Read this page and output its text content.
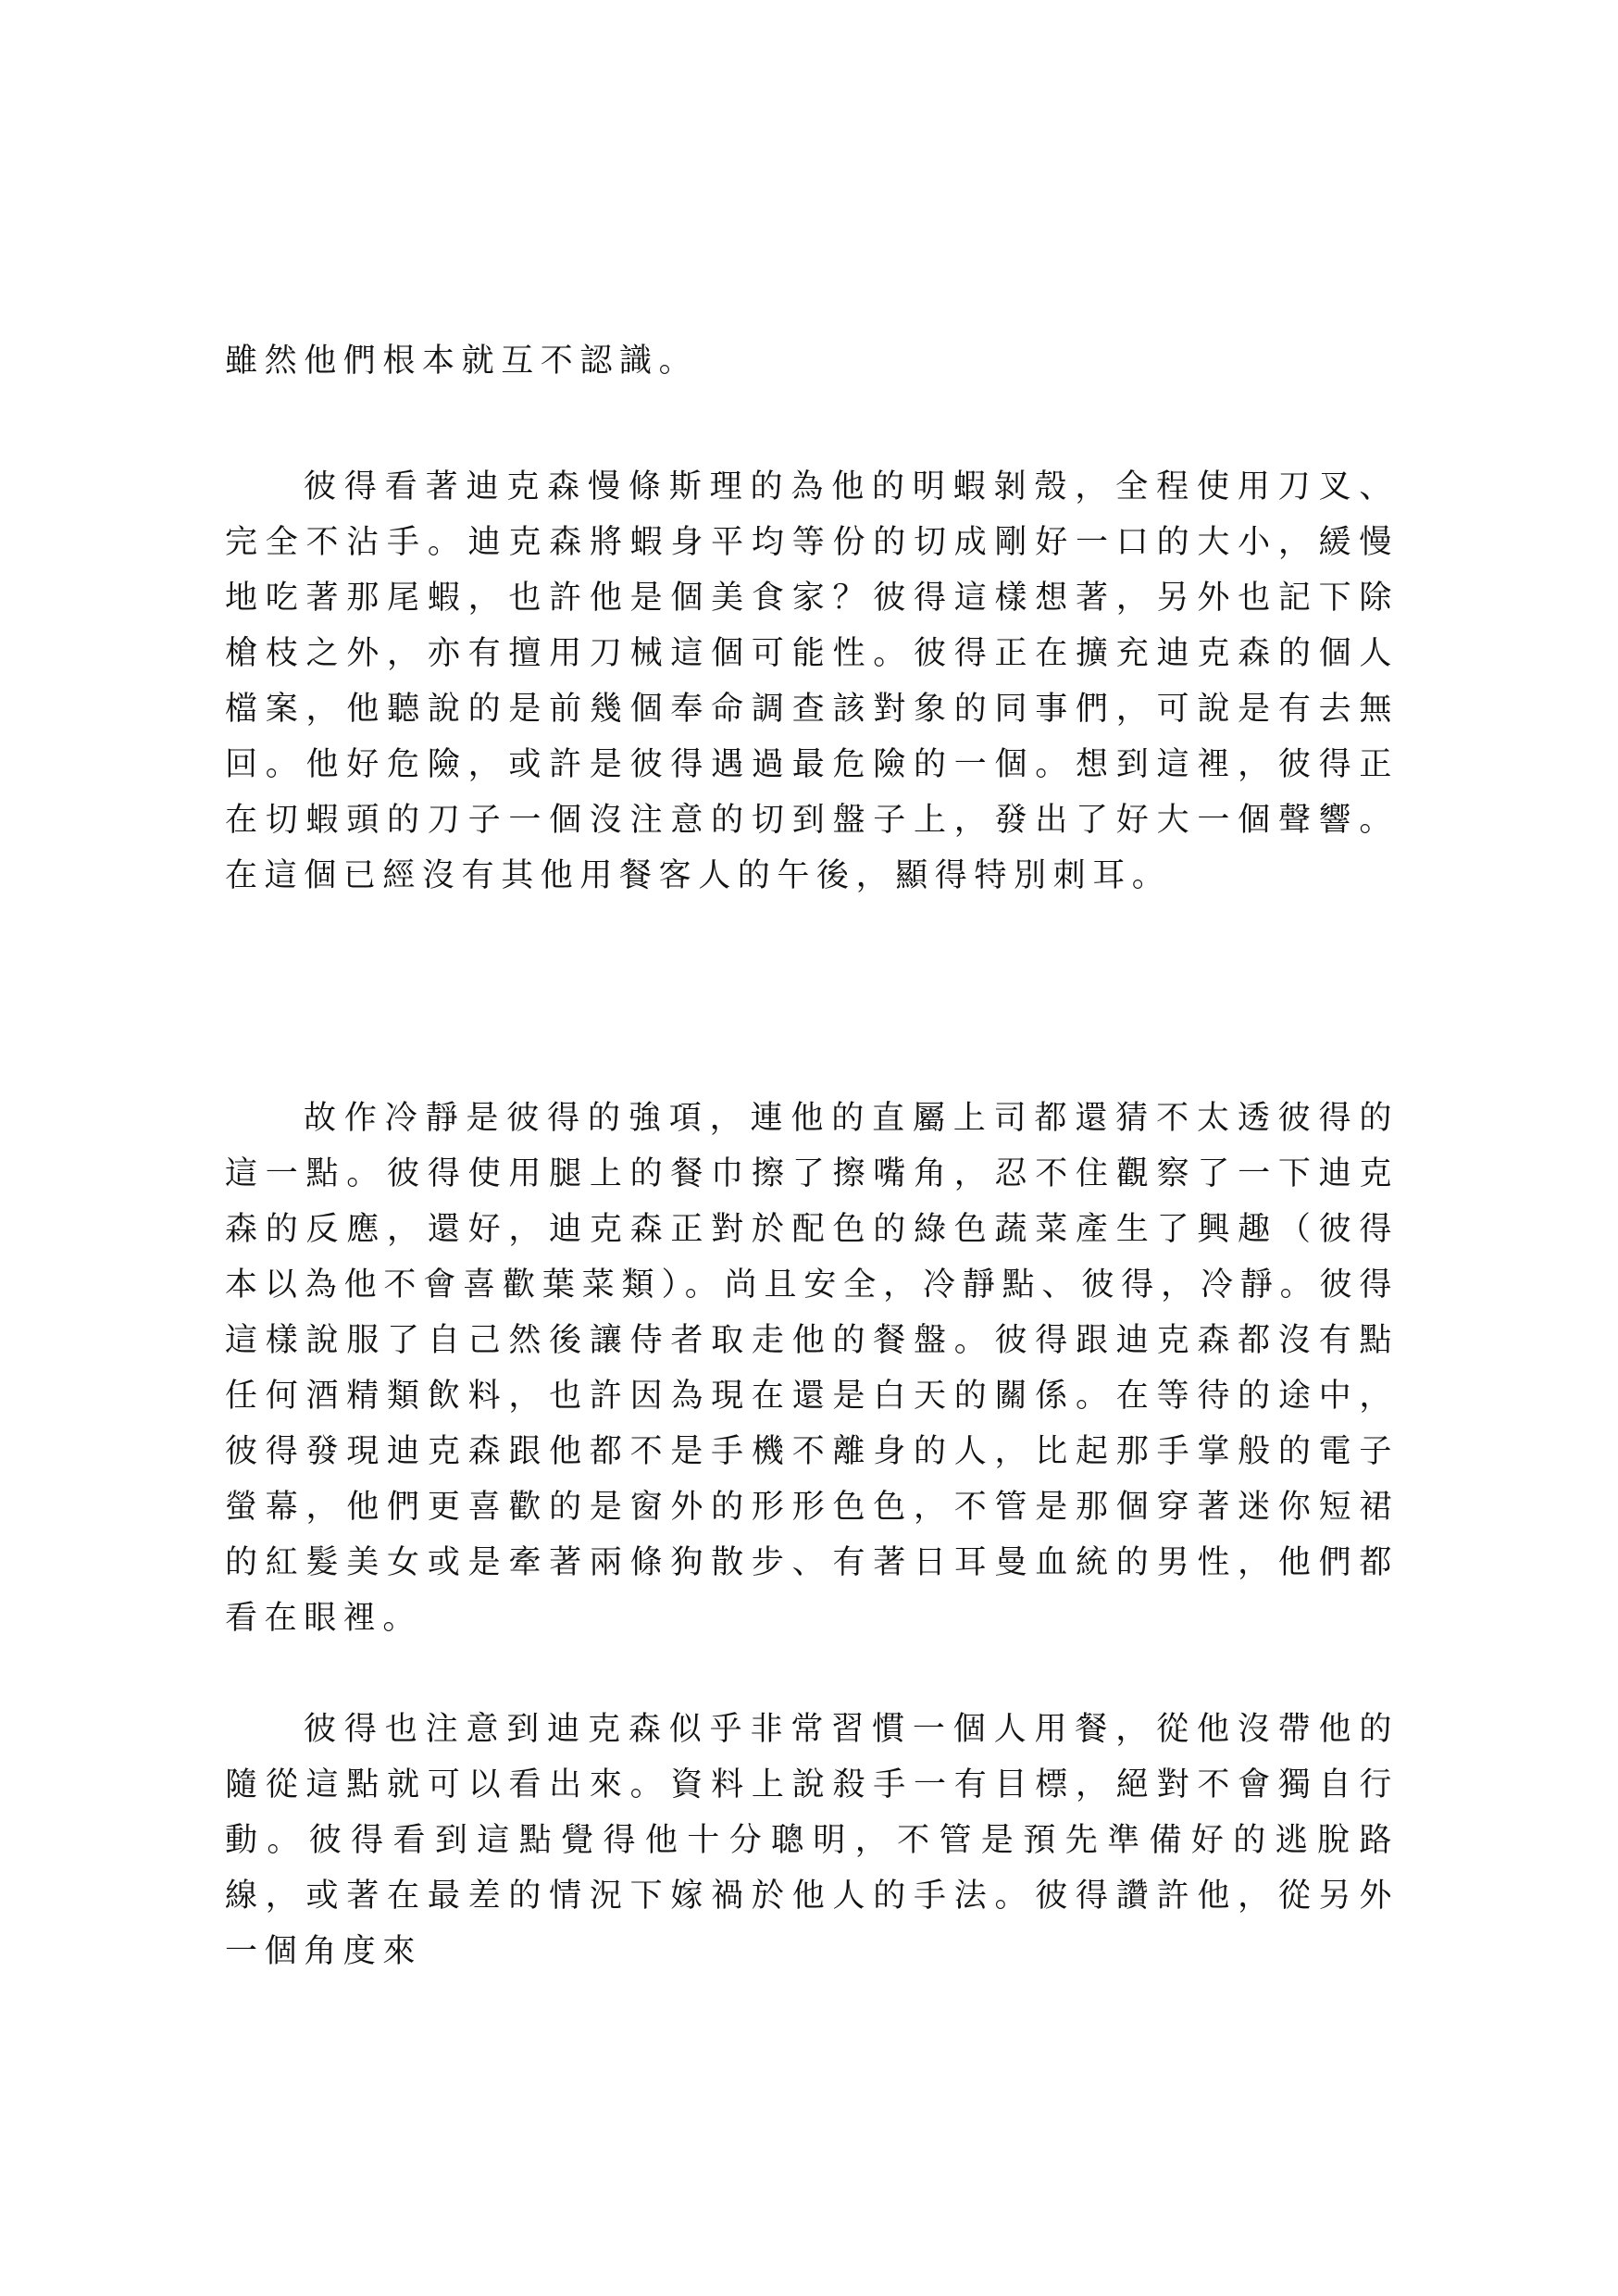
雖然他們根本就互不認識。

彼得看著迪克森慢條斯理的為他的明蝦剝殼，全程使用刀叉、完全不沾手。迪克森將蝦身平均等份的切成剛好一口的大小，緩慢地吃著那尾蝦，也許他是個美食家？彼得這樣想著，另外也記下除槍枝之外，亦有擅用刀械這個可能性。彼得正在擴充迪克森的個人檔案，他聽說的是前幾個奉命調查該對象的同事們，可說是有去無回。他好危險，或許是彼得遇過最危險的一個。想到這裡，彼得正在切蝦頭的刀子一個沒注意的切到盤子上，發出了好大一個聲響。在這個已經沒有其他用餐客人的午後，顯得特別刺耳。

故作冷靜是彼得的強項，連他的直屬上司都還猜不太透彼得的這一點。彼得使用腿上的餐巾擦了擦嘴角，忍不住觀察了一下迪克森的反應，還好，迪克森正對於配色的綠色蔬菜產生了興趣（彼得本以為他不會喜歡葉菜類）。尚且安全，冷靜點、彼得，冷靜。彼得這樣說服了自己然後讓侍者取走他的餐盤。彼得跟迪克森都沒有點任何酒精類飲料，也許因為現在還是白天的關係。在等待的途中，彼得發現迪克森跟他都不是手機不離身的人，比起那手掌般的電子螢幕，他們更喜歡的是窗外的形形色色，不管是那個穿著迷你短裙的紅髮美女或是牽著兩條狗散步、有著日耳曼血統的男性，他們都看在眼裡。

彼得也注意到迪克森似乎非常習慣一個人用餐，從他沒帶他的隨從這點就可以看出來。資料上說殺手一有目標，絕對不會獨自行動。彼得看到這點覺得他十分聰明，不管是預先準備好的逃脫路線，或著在最差的情況下嫁禍於他人的手法。彼得讚許他，從另外一個角度來
